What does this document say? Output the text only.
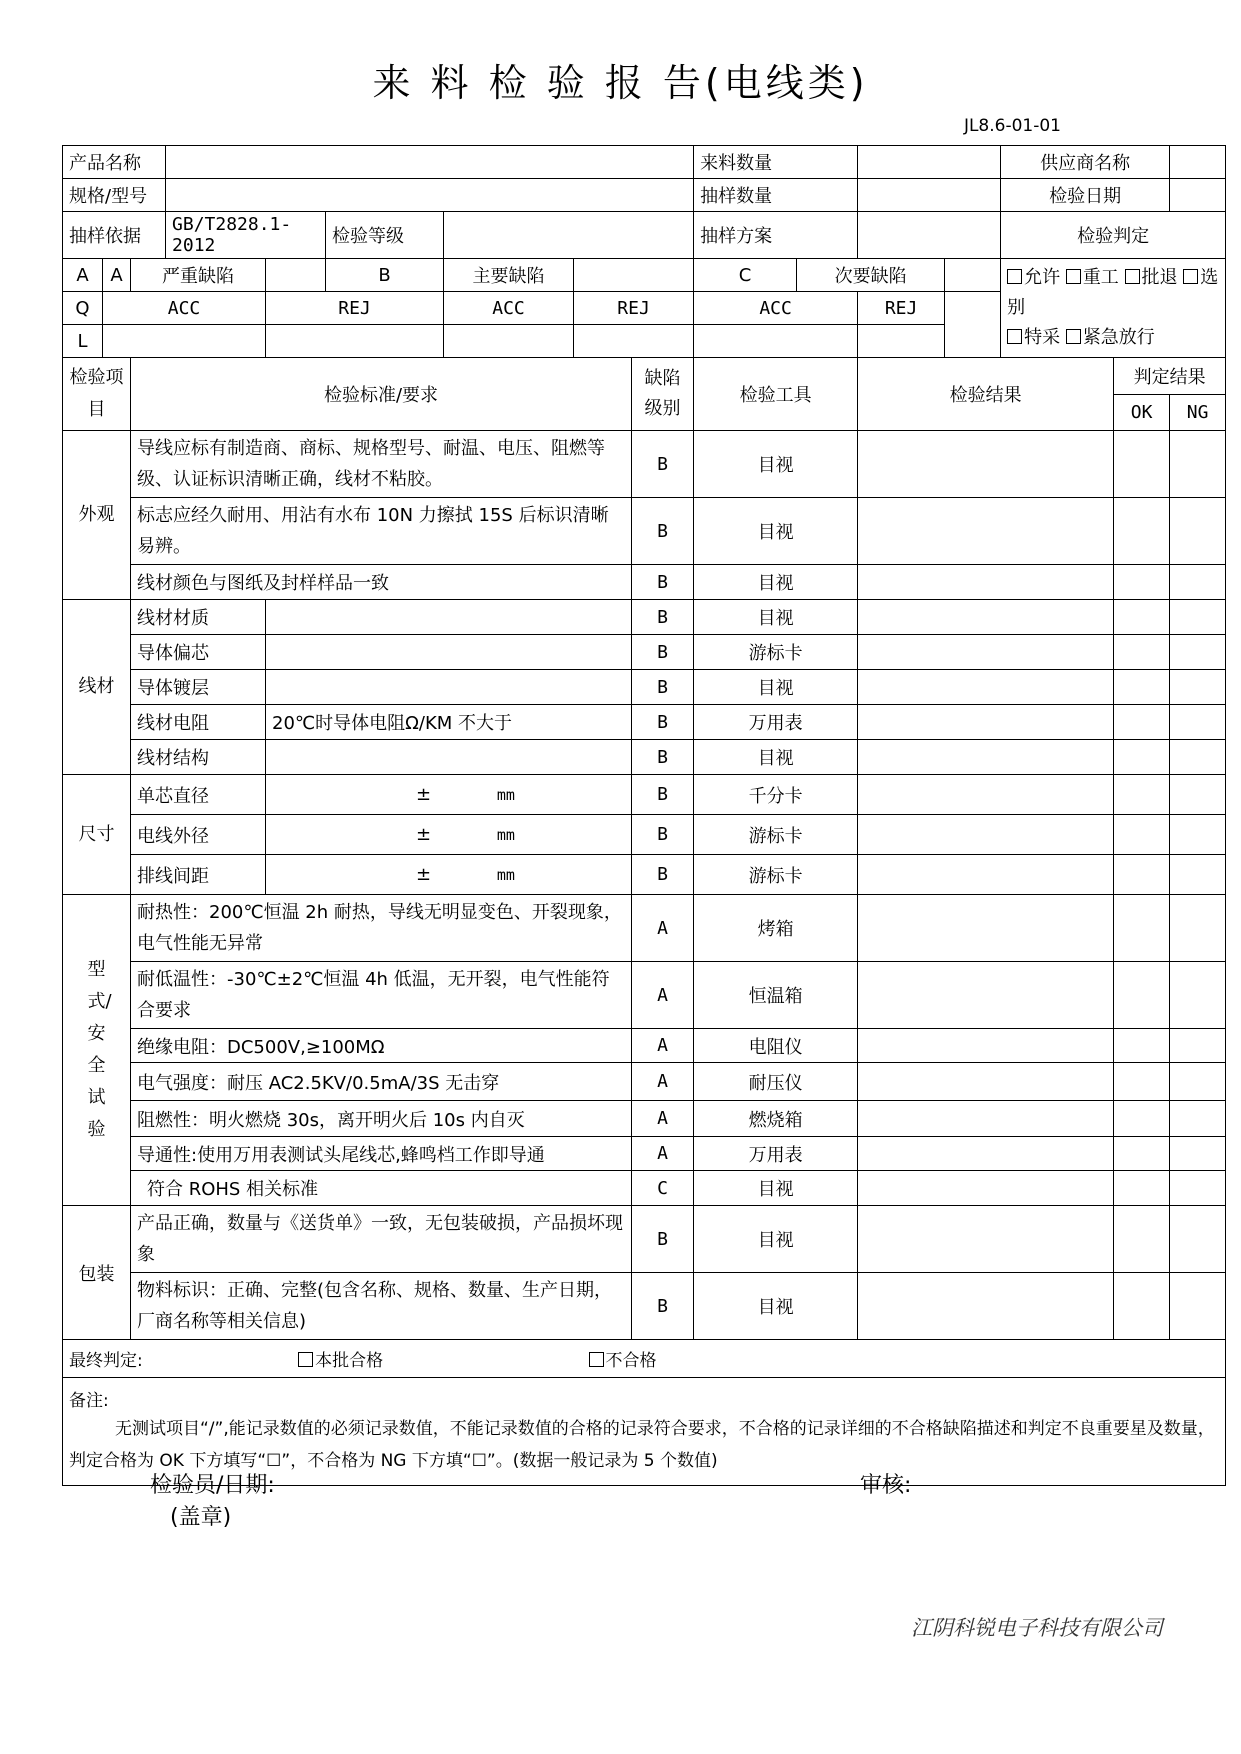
来 料 检 验 报 告(电线类)
JL8.6-01-01
产品名称									来料数量				供应商名称		
规格/型号									抽样数量				检验日期		
抽样依据			GB/T2828.1-2012		检验等级				抽样方案				检验判定		
A	A	严重缺陷			B	主要缺陷			C	次要缺陷			允许 重工 批退 选别
特采 紧急放行		

Q	ACC			REJ		ACC	REJ		ACC		REJ				
L															
检验项目		检验标准/要求						缺陷级别	检验工具		检验结果			判定结果	
														OK	NG
外观		导线应标有制造商、商标、规格型号、耐温、电压、阻燃等级、认证标识清晰正确，线材不粘胶。						B	目视						
		标志应经久耐用、用沾有水布 10N 力擦拭 15S 后标识清晰易辨。						B	目视						
		线材颜色与图纸及封样样品一致						B	目视						
线材		线材材质						B	目视						
		导体偏芯						B	游标卡						
		导体镀层						B	目视						
		线材电阻		20℃时导体电阻Ω/KM 不大于				B	万用表						
		线材结构						B	目视						
尺寸		单芯直径		± mm				B	千分卡						
		电线外径		± mm				B	游标卡						
		排线间距		± mm				B	游标卡						
型式/安全试验		耐热性：200℃恒温 2h 耐热，导线无明显变色、开裂现象，电气性能无异常						A	烤箱						
		耐低温性：-30℃±2℃恒温 4h 低温，无开裂，电气性能符合要求						A	恒温箱						
		绝缘电阻：DC500V,≥100MΩ						A	电阻仪						
		电气强度：耐压 AC2.5KV/0.5mA/3S 无击穿						A	耐压仪						
		阻燃性：明火燃烧 30s，离开明火后 10s 内自灭						A	燃烧箱						
		导通性:使用万用表测试头尾线芯,蜂鸣档工作即导通						A	万用表						
		符合 ROHS 相关标准						C	目视						
包装		产品正确，数量与《送货单》一致，无包装破损，产品损坏现象						B	目视						
		物料标识：正确、完整(包含名称、规格、数量、生产日期，厂商名称等相关信息)						B	目视						
最终判定: 本批合格 不合格															

备注:

无测试项目“/”,能记录数值的必须记录数值，不能记录数值的合格的记录符合要求，不合格的记录详细的不合格缺陷描述和判定不良重要星及数量，判定合格为 OK 下方填写“☐”，不合格为 NG 下方填“☐”。(数据一般记录为 5 个数值)															

检验员/日期:
(盖章)
审核:
江阴科锐电子科技有限公司
